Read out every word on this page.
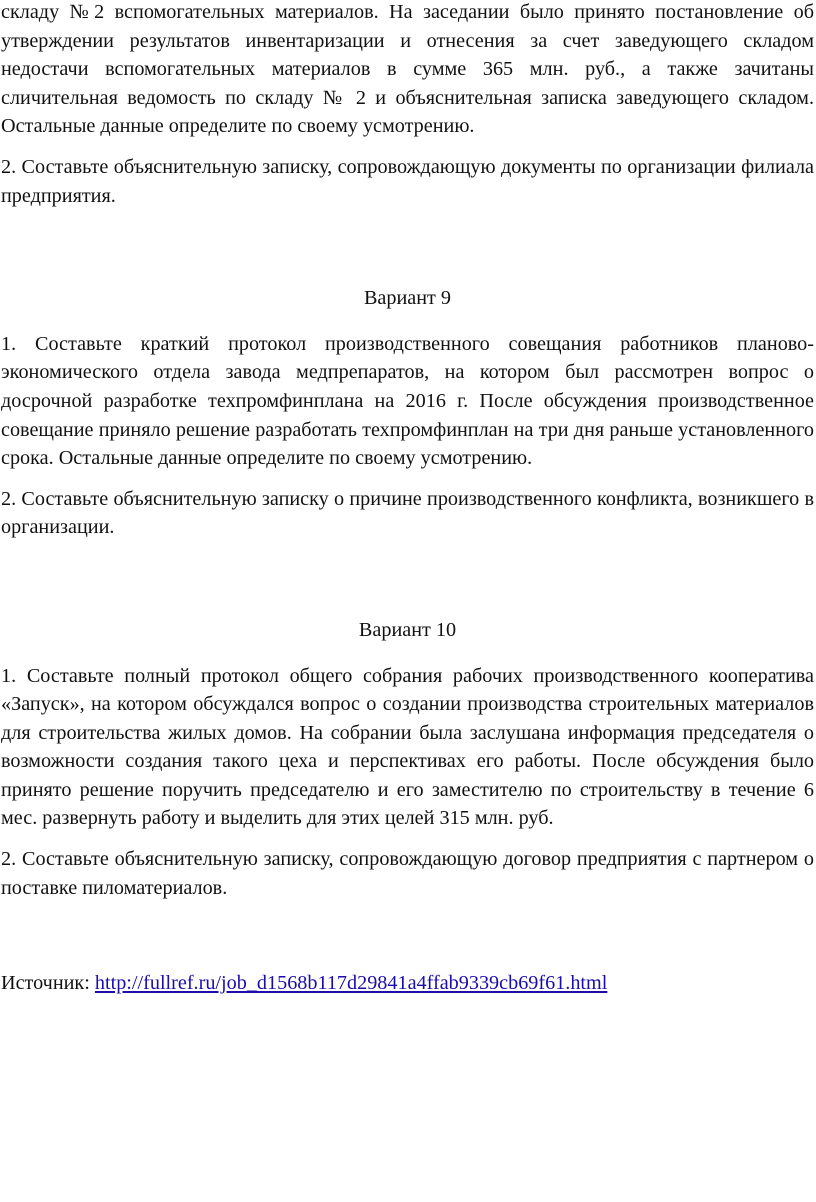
складу №2 вспомогательных материалов. На заседании было принято постановление об утверждении результатов инвентаризации и отнесения за счет заведующего складом недостачи вспомогательных материалов в сумме 365 млн. руб., а также зачитаны сличительная ведомость по складу № 2 и объяснительная записка заведующего складом. Остальные данные определите по своему усмотрению.

2. Составьте объяснительную записку, сопровождающую документы по организации филиала предприятия.

Вариант 9

1. Составьте краткий протокол производственного совещания работников планово-экономического отдела завода медпрепаратов, на котором был рассмотрен вопрос о досрочной разработке техпромфинплана на 2016 г. После обсуждения производственное совещание приняло решение разработать техпромфинплан на три дня раньше установленного срока. Остальные данные определите по своему усмотрению.

2. Составьте объяснительную записку о причине производственного конфликта, возникшего в организации.

Вариант 10

1. Составьте полный протокол общего собрания рабочих производственного кооператива «Запуск», на котором обсуждался вопрос о создании производства строительных материалов для строительства жилых домов. На собрании была заслушана информация председателя о возможности создания такого цеха и перспективах его работы. После обсуждения было принято решение поручить председателю и его заместителю по строительству в течение 6 мес. развернуть работу и выделить для этих целей 315 млн. руб.

2. Составьте объяснительную записку, сопровождающую договор предприятия с партнером о поставке пиломатериалов.

Источник: http://fullref.ru/job_d1568b117d29841a4ffab9339cb69f61.html
